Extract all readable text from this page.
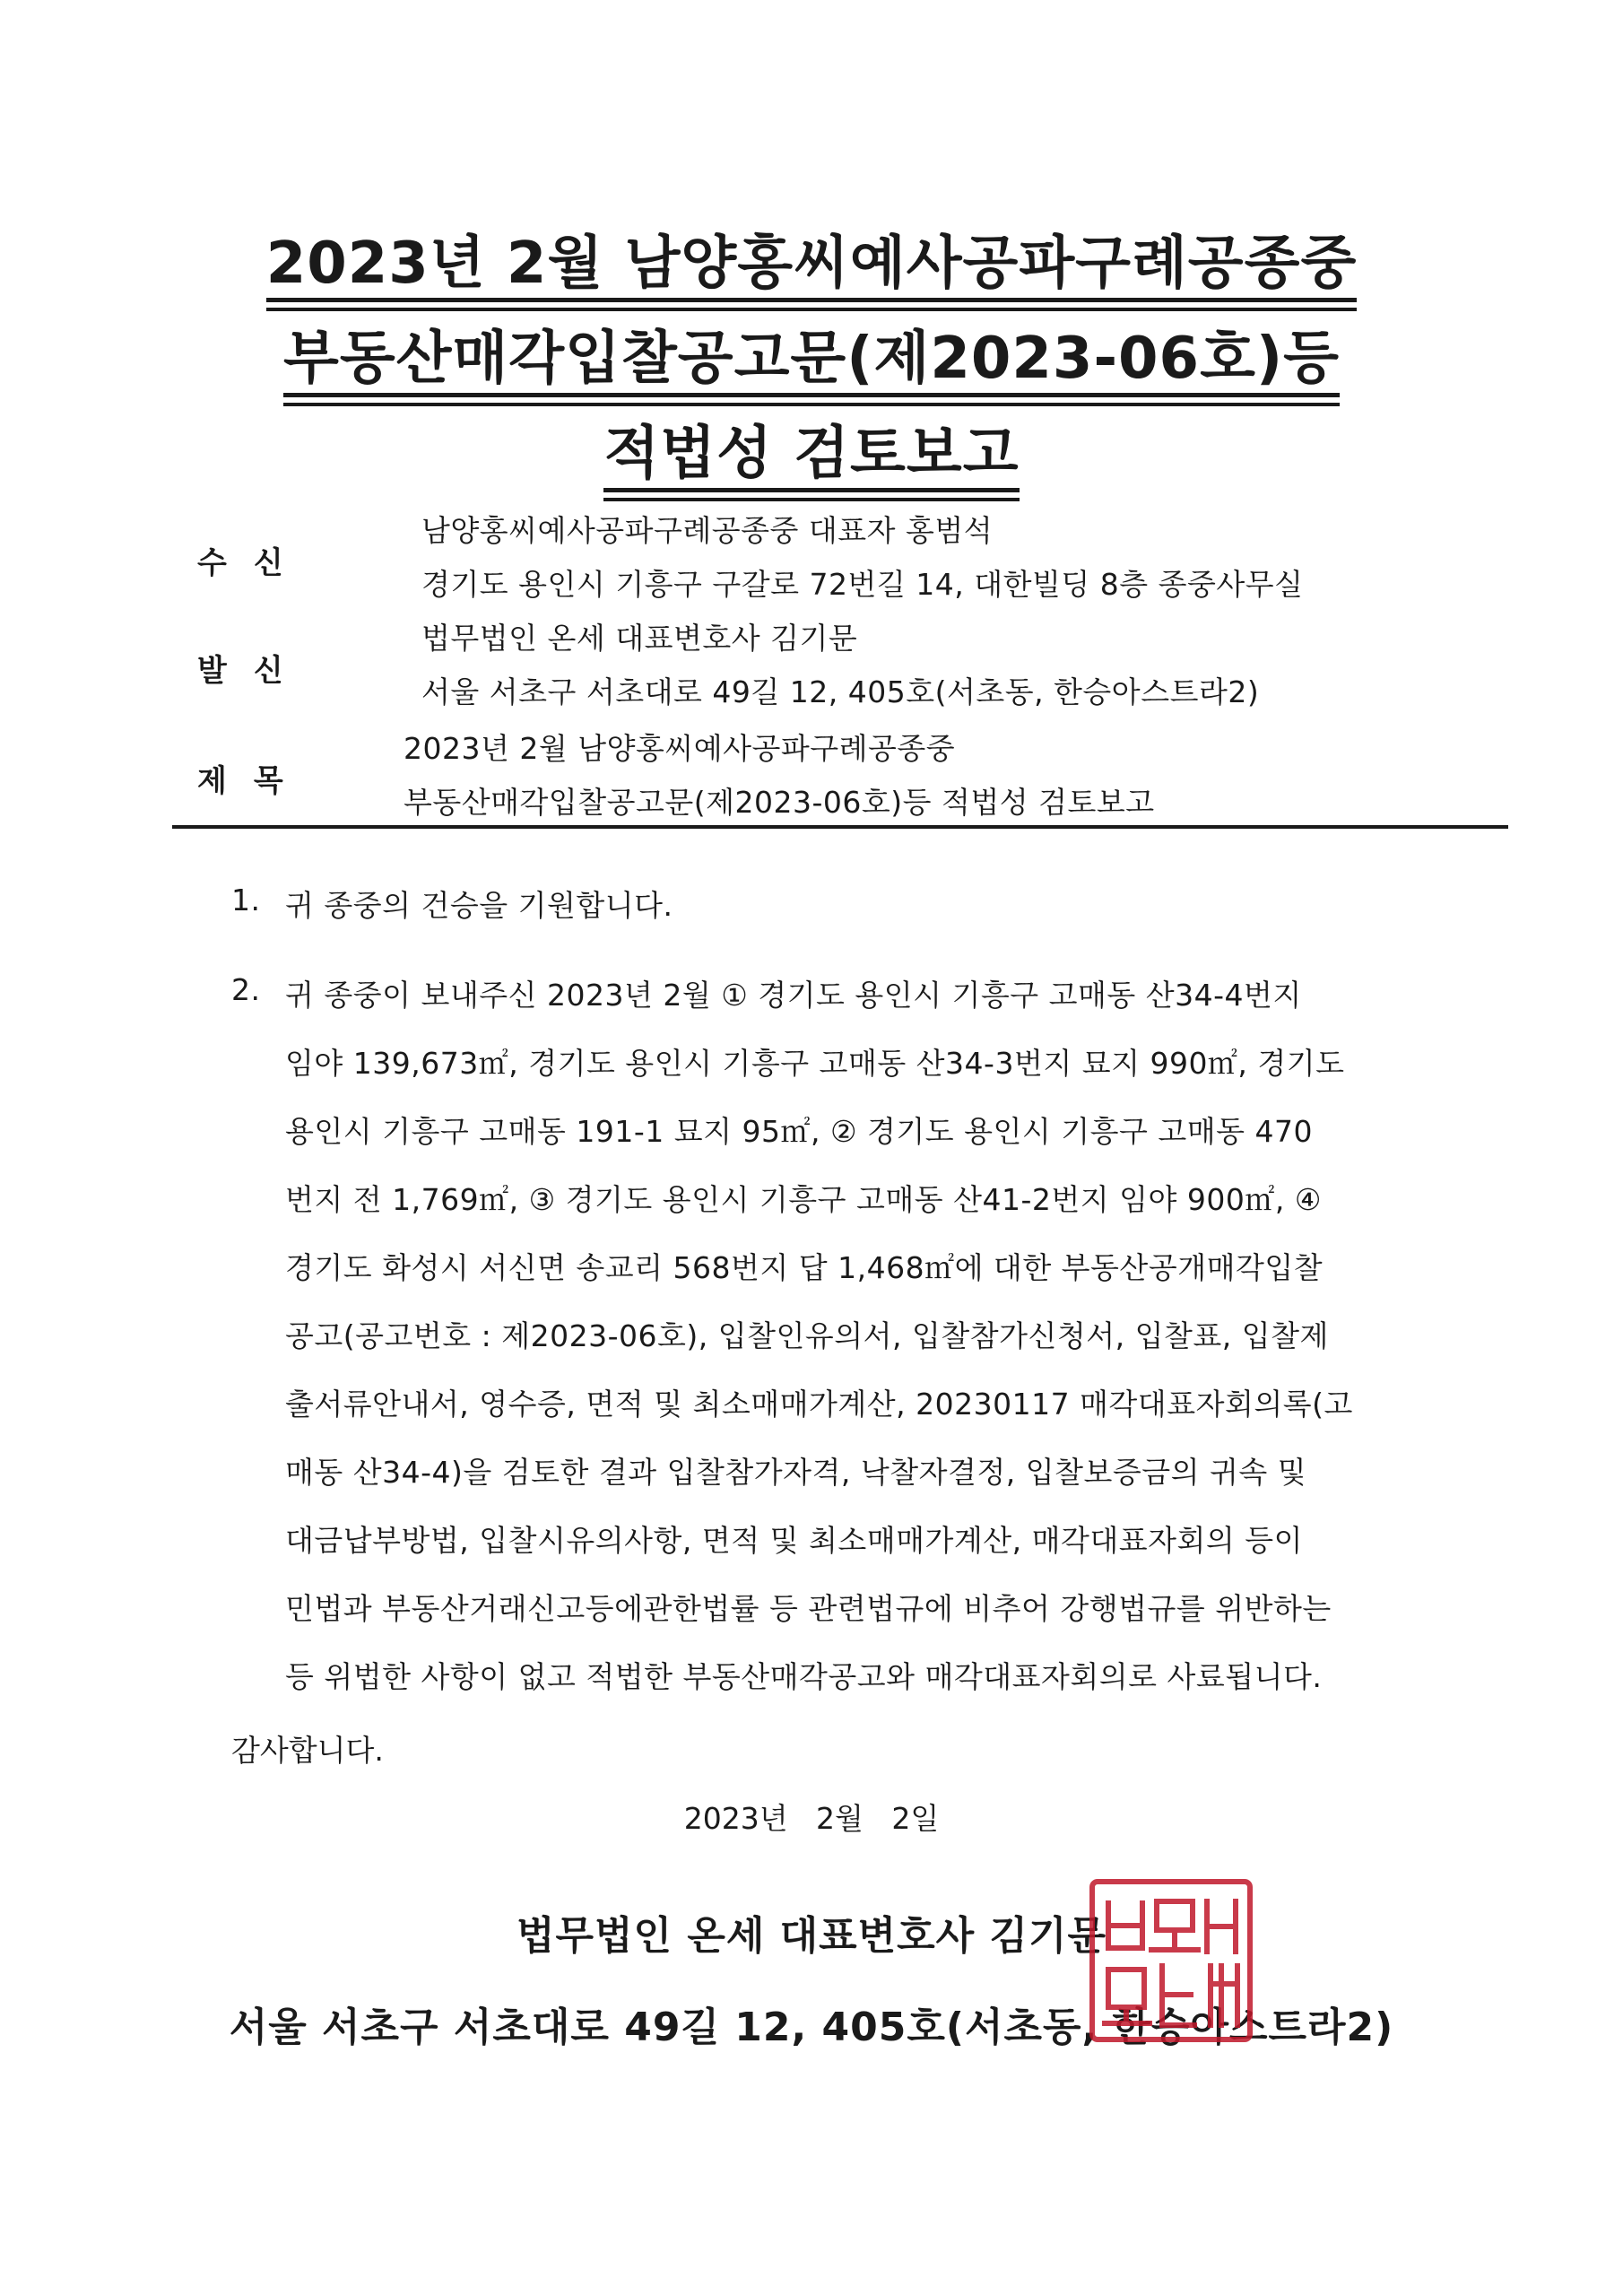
2023년 2월 남양홍씨예사공파구례공종중
부동산매각입찰공고문(제2023-06호)등
적법성 검토보고
수신
남양홍씨예사공파구례공종중 대표자 홍범석
경기도 용인시 기흥구 구갈로 72번길 14, 대한빌딩 8층 종중사무실
발신
법무법인 온세 대표변호사 김기문
서울 서초구 서초대로 49길 12, 405호(서초동, 한승아스트라2)
제목
2023년 2월 남양홍씨예사공파구례공종중
부동산매각입찰공고문(제2023-06호)등 적법성 검토보고
1. 귀 종중의 건승을 기원합니다.
2. 귀 종중이 보내주신 2023년 2월 ① 경기도 용인시 기흥구 고매동 산34-4번지
임야 139,673㎡, 경기도 용인시 기흥구 고매동 산34-3번지 묘지 990㎡, 경기도
용인시 기흥구 고매동 191-1 묘지 95㎡, ② 경기도 용인시 기흥구 고매동 470
번지 전 1,769㎡, ③ 경기도 용인시 기흥구 고매동 산41-2번지 임야 900㎡, ④
경기도 화성시 서신면 송교리 568번지 답 1,468㎡에 대한 부동산공개매각입찰
공고(공고번호 : 제2023-06호), 입찰인유의서, 입찰참가신청서, 입찰표, 입찰제
출서류안내서, 영수증, 면적 및 최소매매가계산, 20230117 매각대표자회의록(고
매동 산34-4)을 검토한 결과 입찰참가자격, 낙찰자결정, 입찰보증금의 귀속 및
대금납부방법, 입찰시유의사항, 면적 및 최소매매가계산, 매각대표자회의 등이
민법과 부동산거래신고등에관한법률 등 관련법규에 비추어 강행법규를 위반하는
등 위법한 사항이 없고 적법한 부동산매각공고와 매각대표자회의로 사료됩니다.
감사합니다.
2023년   2월   2일
법무법인 온세 대표변호사 김기문
서울 서초구 서초대로 49길 12, 405호(서초동, 한승아스트라2)
